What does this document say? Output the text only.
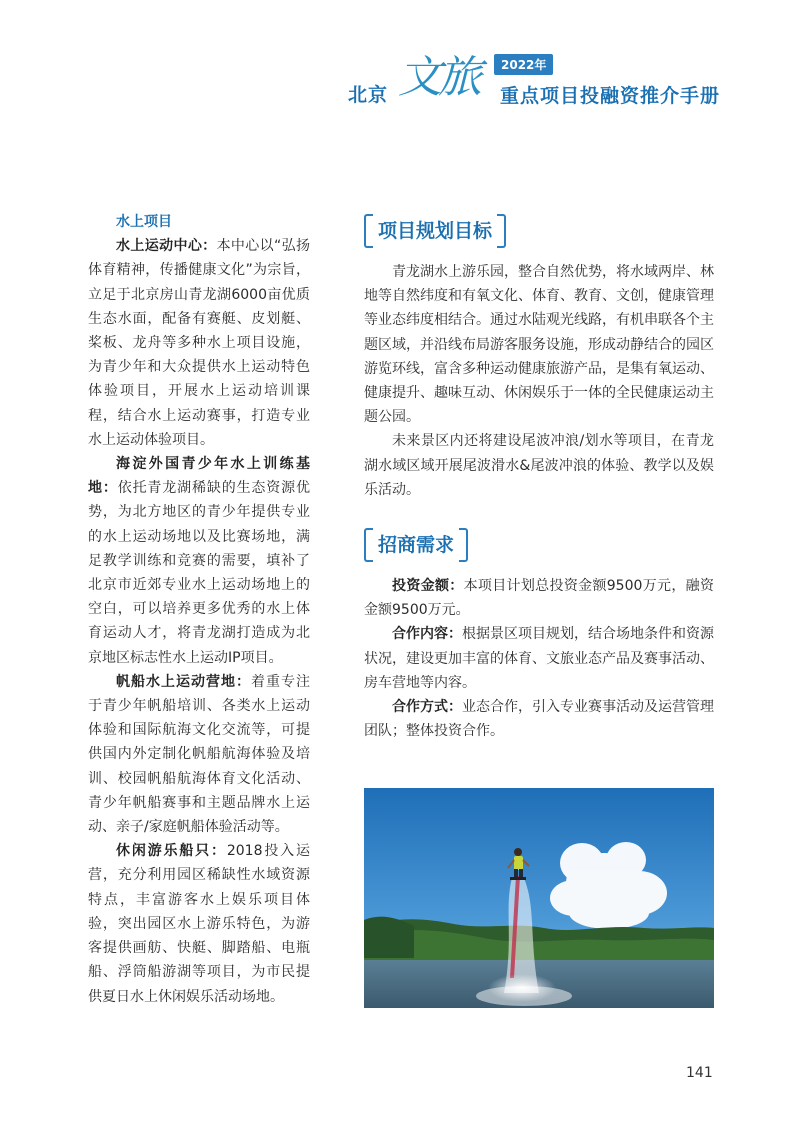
北京 文旅	2022年
重点项目投融资推介手册

水上项目

水上运动中心：本中心以“弘扬体育精神，传播健康文化”为宗旨，立足于北京房山青龙湖6000亩优质生态水面，配备有赛艇、皮划艇、桨板、龙舟等多种水上项目设施，为青少年和大众提供水上运动特色体验项目，开展水上运动培训课程，结合水上运动赛事，打造专业水上运动体验项目。

海淀外国青少年水上训练基地：依托青龙湖稀缺的生态资源优势，为北方地区的青少年提供专业的水上运动场地以及比赛场地，满足教学训练和竞赛的需要，填补了北京市近郊专业水上运动场地上的空白，可以培养更多优秀的水上体育运动人才，将青龙湖打造成为北京地区标志性水上运动IP项目。

帆船水上运动营地：着重专注于青少年帆船培训、各类水上运动体验和国际航海文化交流等，可提供国内外定制化帆船航海体验及培训、校园帆船航海体育文化活动、青少年帆船赛事和主题品牌水上运动、亲子/家庭帆船体验活动等。

休闲游乐船只：2018投入运营，充分利用园区稀缺性水域资源特点，丰富游客水上娱乐项目体验，突出园区水上游乐特色，为游客提供画舫、快艇、脚踏船、电瓶船、浮筒船游湖等项目，为市民提供夏日水上休闲娱乐活动场地。

项目规划目标

青龙湖水上游乐园，整合自然优势，将水域两岸、林地等自然纬度和有氧文化、体育、教育、文创，健康管理等业态纬度相结合。通过水陆观光线路，有机串联各个主题区域，并沿线布局游客服务设施，形成动静结合的园区游览环线，富含多种运动健康旅游产品，是集有氧运动、健康提升、趣味互动、休闲娱乐于一体的全民健康运动主题公园。

未来景区内还将建设尾波冲浪/划水等项目，在青龙湖水域区域开展尾波滑水&尾波冲浪的体验、教学以及娱乐活动。

招商需求

投资金额：本项目计划总投资金额9500万元，融资金额9500万元。

合作内容：根据景区项目规划，结合场地条件和资源状况，建设更加丰富的体育、文旅业态产品及赛事活动、房车营地等内容。

合作方式：业态合作，引入专业赛事活动及运营管理团队；整体投资合作。

141
